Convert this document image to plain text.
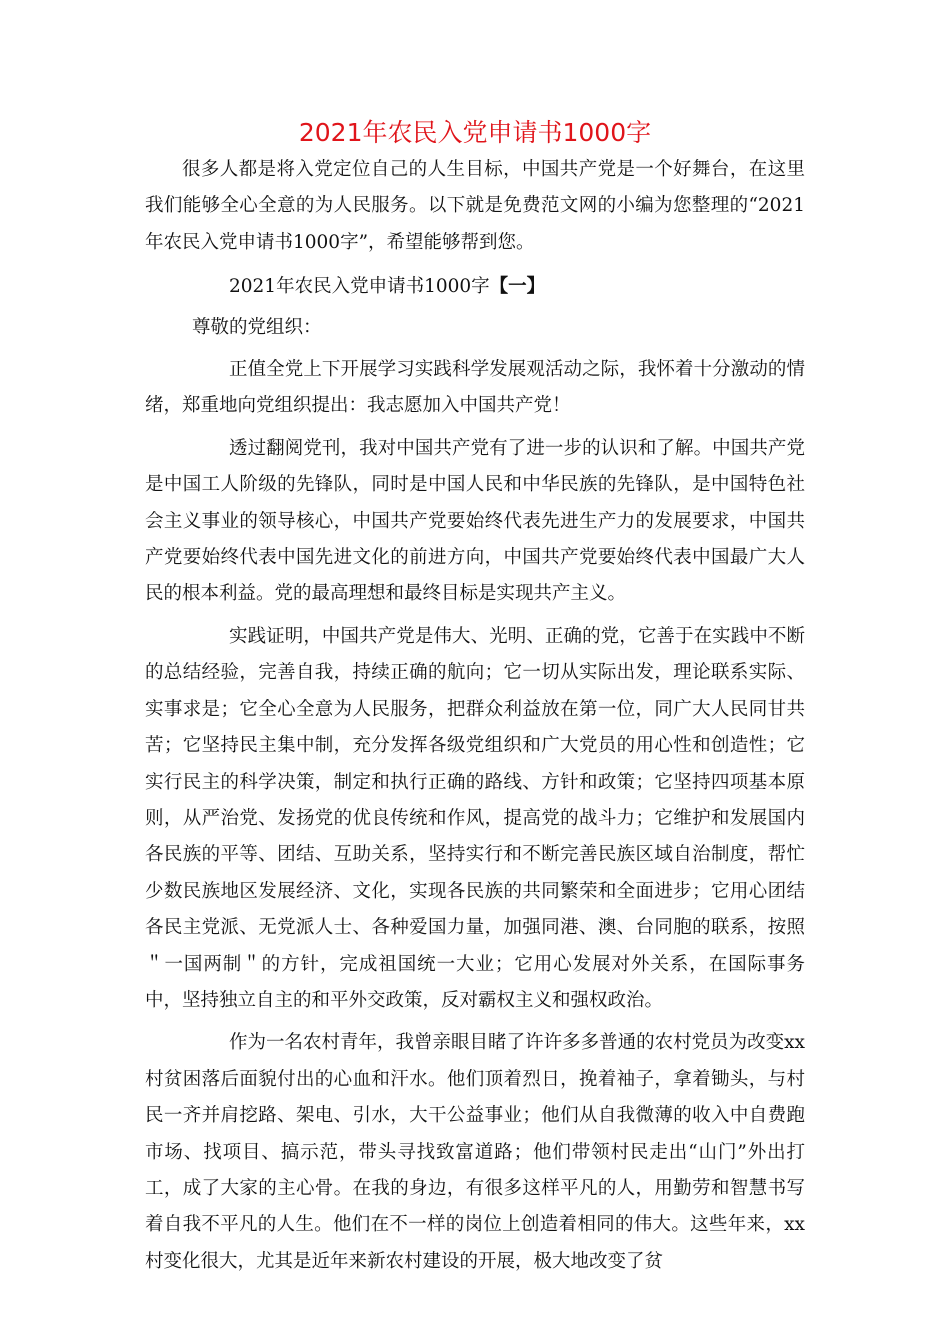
2021年农民入党申请书1000字

很多人都是将入党定位自己的人生目标，中国共产党是一个好舞台，在这里我们能够全心全意的为人民服务。以下就是免费范文网的小编为您整理的“2021年农民入党申请书1000字”，希望能够帮到您。

2021年农民入党申请书1000字【一】

尊敬的党组织：

正值全党上下开展学习实践科学发展观活动之际，我怀着十分激动的情绪，郑重地向党组织提出：我志愿加入中国共产党！

透过翻阅党刊，我对中国共产党有了进一步的认识和了解。中国共产党是中国工人阶级的先锋队，同时是中国人民和中华民族的先锋队，是中国特色社会主义事业的领导核心，中国共产党要始终代表先进生产力的发展要求，中国共产党要始终代表中国先进文化的前进方向，中国共产党要始终代表中国最广大人民的根本利益。党的最高理想和最终目标是实现共产主义。

实践证明，中国共产党是伟大、光明、正确的党，它善于在实践中不断的总结经验，完善自我，持续正确的航向；它一切从实际出发，理论联系实际、实事求是；它全心全意为人民服务，把群众利益放在第一位，同广大人民同甘共苦；它坚持民主集中制，充分发挥各级党组织和广大党员的用心性和创造性；它实行民主的科学决策，制定和执行正确的路线、方针和政策；它坚持四项基本原则，从严治党、发扬党的优良传统和作风，提高党的战斗力；它维护和发展国内各民族的平等、团结、互助关系，坚持实行和不断完善民族区域自治制度，帮忙少数民族地区发展经济、文化，实现各民族的共同繁荣和全面进步；它用心团结各民主党派、无党派人士、各种爱国力量，加强同港、澳、台同胞的联系，按照＂一国两制＂的方针，完成祖国统一大业；它用心发展对外关系，在国际事务中，坚持独立自主的和平外交政策，反对霸权主义和强权政治。

作为一名农村青年，我曾亲眼目睹了许许多多普通的农村党员为改变xx村贫困落后面貌付出的心血和汗水。他们顶着烈日，挽着袖子，拿着锄头，与村民一齐并肩挖路、架电、引水，大干公益事业；他们从自我微薄的收入中自费跑市场、找项目、搞示范，带头寻找致富道路；他们带领村民走出“山门”外出打工，成了大家的主心骨。在我的身边，有很多这样平凡的人，用勤劳和智慧书写着自我不平凡的人生。他们在不一样的岗位上创造着相同的伟大。这些年来，xx村变化很大，尤其是近年来新农村建设的开展，极大地改变了贫
